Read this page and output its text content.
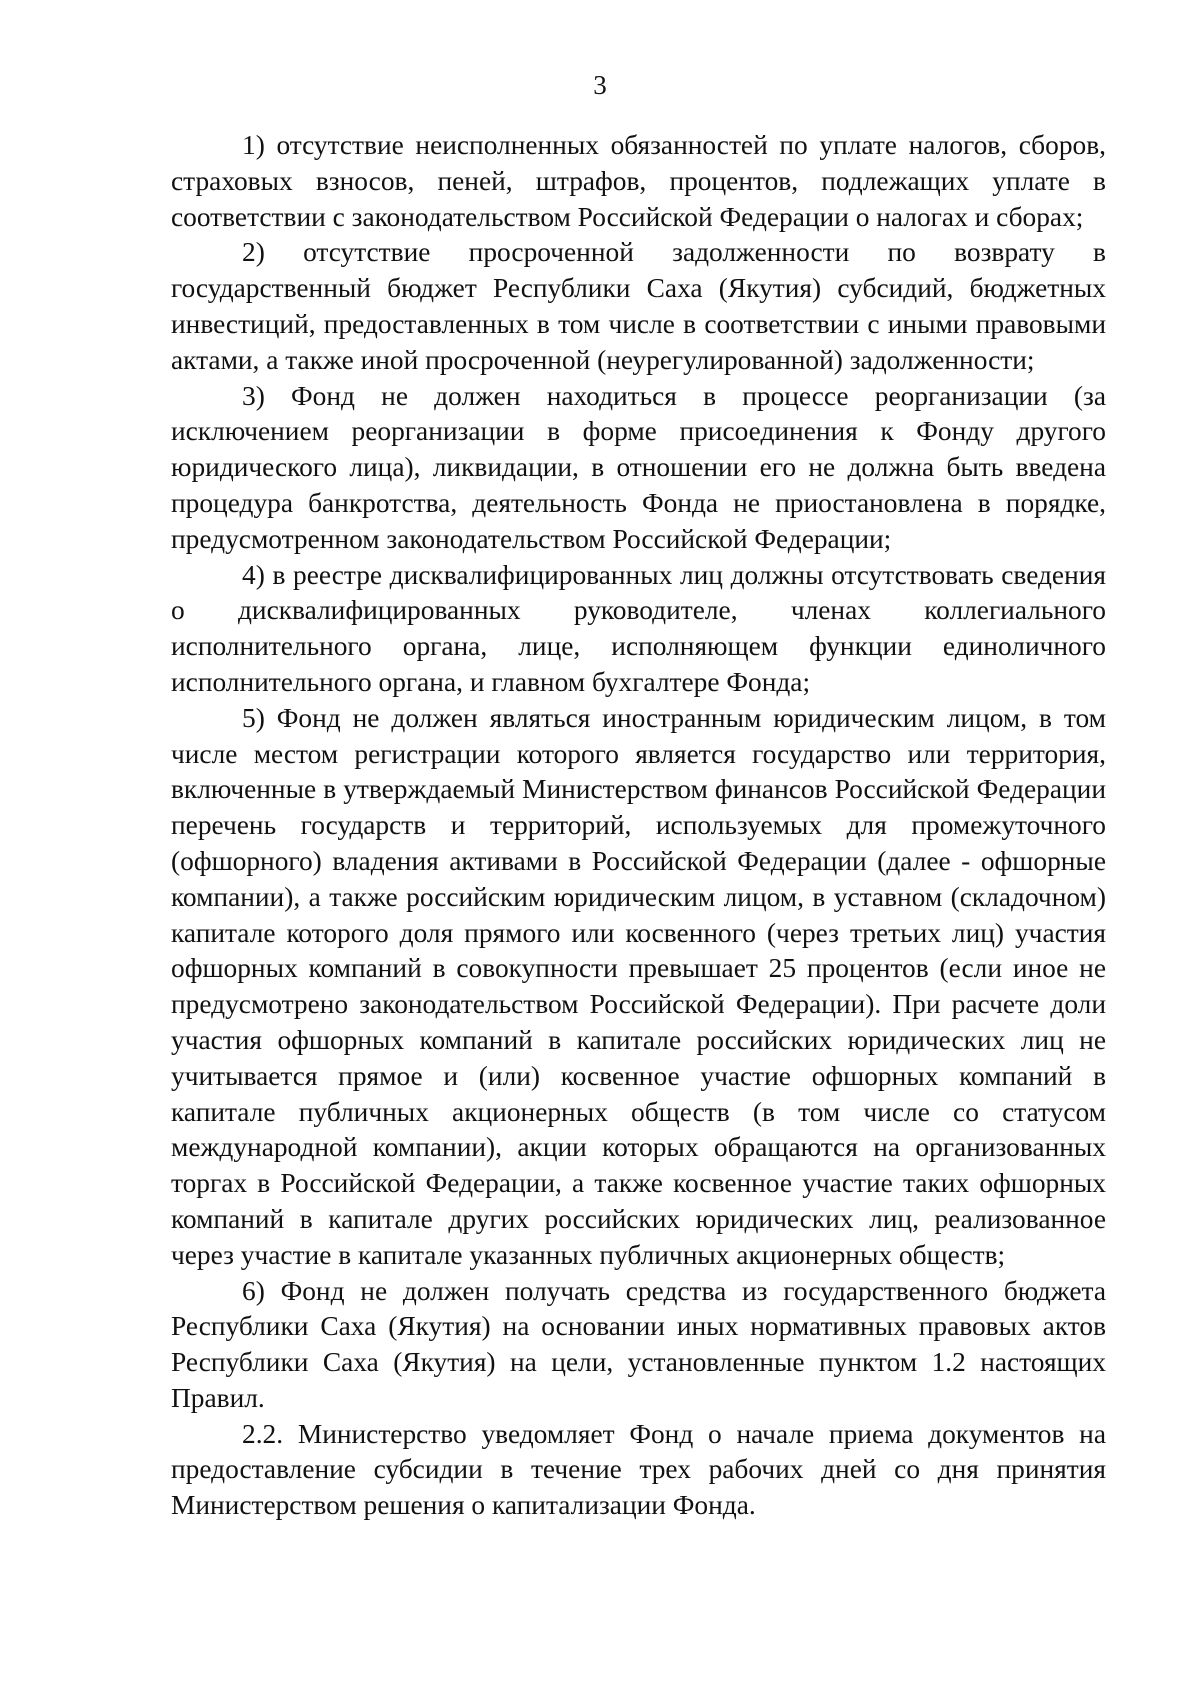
3

1) отсутствие неисполненных обязанностей по уплате налогов, сборов, страховых взносов, пеней, штрафов, процентов, подлежащих уплате в соответствии с законодательством Российской Федерации о налогах и сборах;

2) отсутствие просроченной задолженности по возврату в государственный бюджет Республики Саха (Якутия) субсидий, бюджетных инвестиций, предоставленных в том числе в соответствии с иными правовыми актами, а также иной просроченной (неурегулированной) задолженности;

3) Фонд не должен находиться в процессе реорганизации (за исключением реорганизации в форме присоединения к Фонду другого юридического лица), ликвидации, в отношении его не должна быть введена процедура банкротства, деятельность Фонда не приостановлена в порядке, предусмотренном законодательством Российской Федерации;

4) в реестре дисквалифицированных лиц должны отсутствовать сведения о дисквалифицированных руководителе, членах коллегиального исполнительного органа, лице, исполняющем функции единоличного исполнительного органа, и главном бухгалтере Фонда;

5) Фонд не должен являться иностранным юридическим лицом, в том числе местом регистрации которого является государство или территория, включенные в утверждаемый Министерством финансов Российской Федерации перечень государств и территорий, используемых для промежуточного (офшорного) владения активами в Российской Федерации (далее - офшорные компании), а также российским юридическим лицом, в уставном (складочном) капитале которого доля прямого или косвенного (через третьих лиц) участия офшорных компаний в совокупности превышает 25 процентов (если иное не предусмотрено законодательством Российской Федерации). При расчете доли участия офшорных компаний в капитале российских юридических лиц не учитывается прямое и (или) косвенное участие офшорных компаний в капитале публичных акционерных обществ (в том числе со статусом международной компании), акции которых обращаются на организованных торгах в Российской Федерации, а также косвенное участие таких офшорных компаний в капитале других российских юридических лиц, реализованное через участие в капитале указанных публичных акционерных обществ;

6) Фонд не должен получать средства из государственного бюджета Республики Саха (Якутия) на основании иных нормативных правовых актов Республики Саха (Якутия) на цели, установленные пунктом 1.2 настоящих Правил.

2.2. Министерство уведомляет Фонд о начале приема документов на предоставление субсидии в течение трех рабочих дней со дня принятия Министерством решения о капитализации Фонда.
